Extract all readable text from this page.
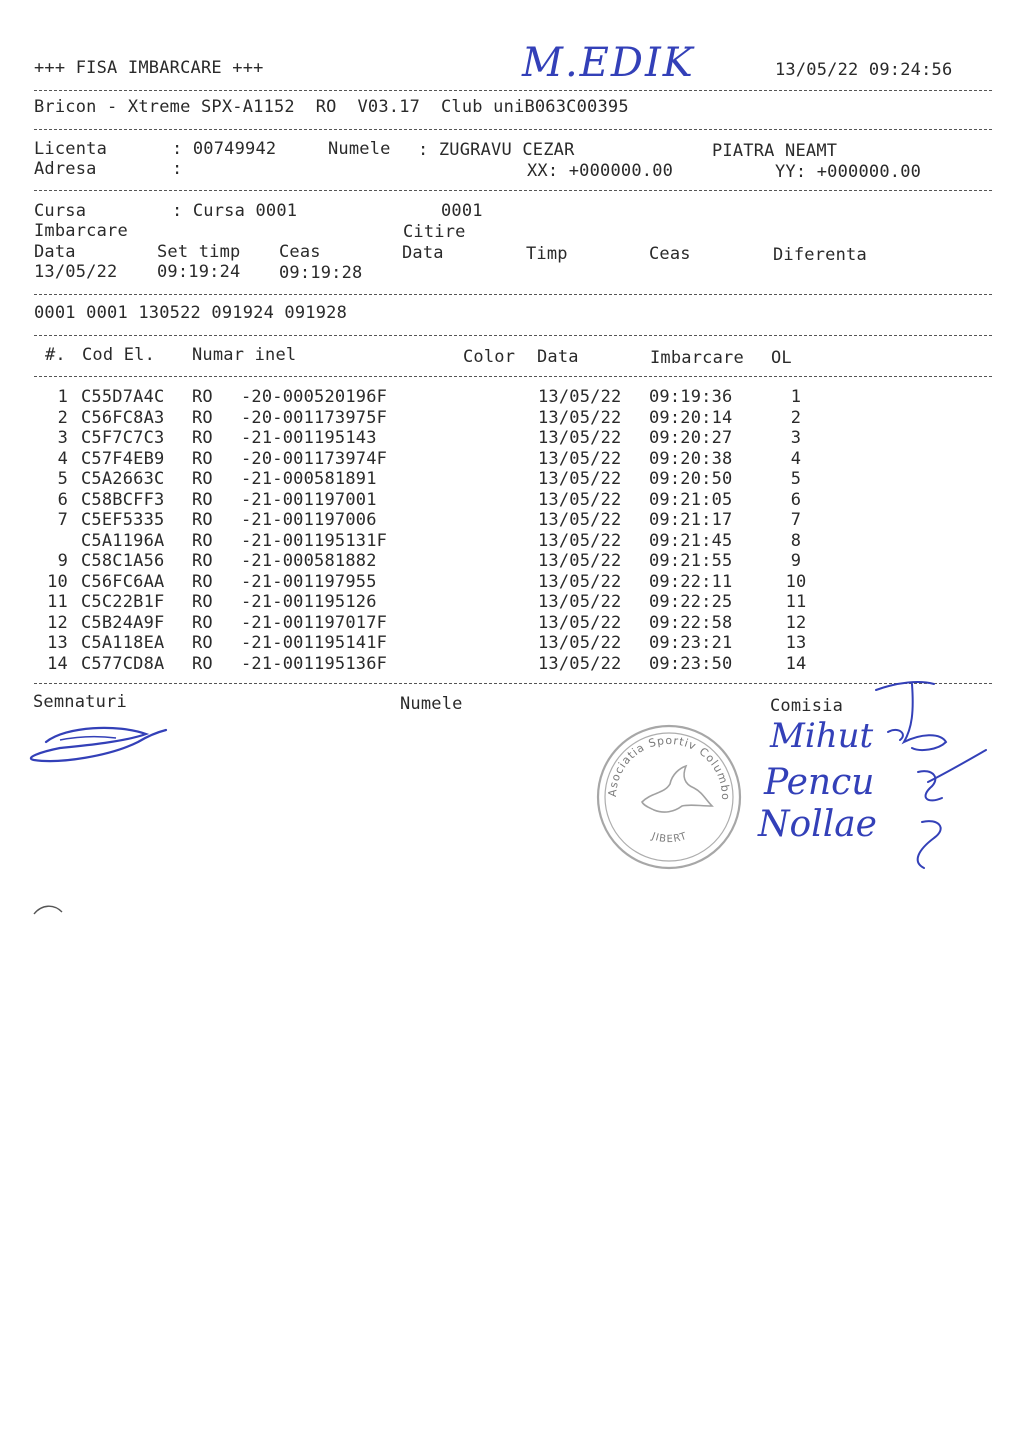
+++ FISA IMBARCARE +++	M.EDIK	13/05/22 09:24:56
Bricon - Xtreme SPX-A1152  RO  V03.17  Club uniB063C00395
Licenta	: 00749942	Numele : ZUGRAVU CEZAR	PIATRA NEAMT
Adresa	:	XX: +000000.00	YY: +000000.00
Cursa	: Cursa 0001	0001
Imbarcare	Citire
Data	Set timp Ceas	Data	Timp	Ceas	Diferenta
13/05/22 09:19:24 09:19:28
0001 0001 130522 091924 091928
#. Cod El. Numar inel	Color Data	Imbarcare OL
1 C55D7A4C RO -20-000520196F	13/05/22 09:19:36	1
2 C56FC8A3 RO -20-001173975F	13/05/22 09:20:14	2
3 C5F7C7C3 RO -21-001195143	13/05/22 09:20:27	3
4 C57F4EB9 RO -20-001173974F	13/05/22 09:20:38	4
5 C5A2663C RO -21-000581891	13/05/22 09:20:50	5
6 C58BCFF3 RO -21-001197001	13/05/22 09:21:05	6
7 C5EF5335 RO -21-001197006	13/05/22 09:21:17	7
C5A1196A RO -21-001195131F	13/05/22 09:21:45	8
9 C58C1A56 RO -21-000581882	13/05/22 09:21:55	9
10 C56FC6AA RO -21-001197955	13/05/22 09:22:11	10
11 C5C22B1F RO -21-001195126	13/05/22 09:22:25	11
12 C5B24A9F RO -21-001197017F	13/05/22 09:22:58	12
13 C5A118EA RO -21-001195141F	13/05/22 09:23:21	13
14 C577CD8A RO -21-001195136F	13/05/22 09:23:50	14
Semnaturi	Numele	Comisia
Mihut
Pencu
Nollae
Asociatia Sportiv Columbofila
JIBERT
